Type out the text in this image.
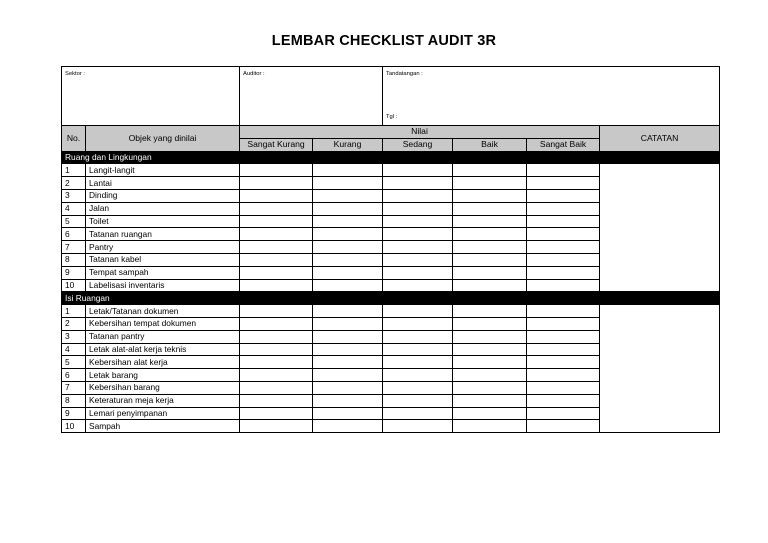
LEMBAR CHECKLIST AUDIT 3R
Sektor :		Auditor :		Tandatangan :
Tgl :			

No.	Objek yang dinilai	Nilai					CATATAN
		Sangat Kurang	Kurang	Sedang	Baik	Sangat Baik	
Ruang dan Lingkungan							
1	Langit-langit						
2	Lantai						
3	Dinding						
4	Jalan						
5	Toilet						
6	Tatanan ruangan						
7	Pantry						
8	Tatanan kabel						
9	Tempat sampah						
10	Labelisasi inventaris						
Isi Ruangan							
1	Letak/Tatanan dokumen						
2	Kebersihan tempat dokumen						
3	Tatanan pantry						
4	Letak alat-alat kerja teknis						
5	Kebersihan alat kerja						
6	Letak barang						
7	Kebersihan barang						
8	Keteraturan meja kerja						
9	Lemari penyimpanan						
10	Sampah						
